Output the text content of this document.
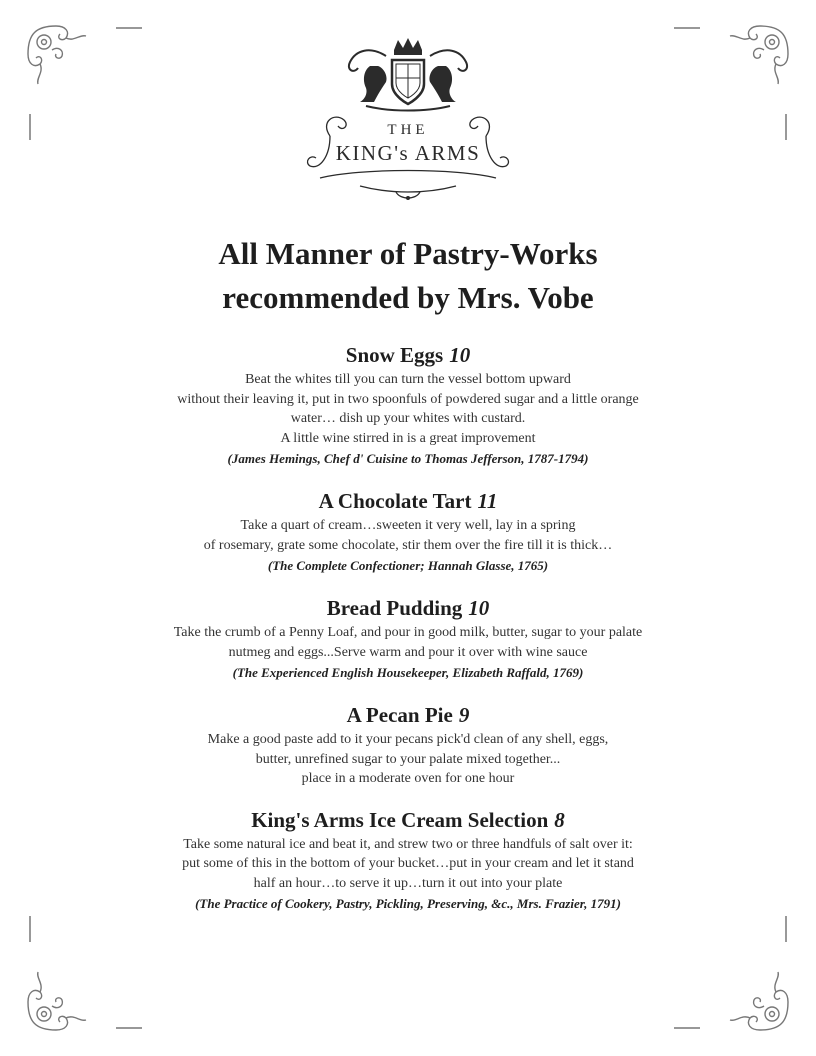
THE
KING's ARMS
All Manner of Pastry-Works
recommended by Mrs. Vobe
Snow Eggs 10
Beat the whites till you can turn the vessel bottom upward
without their leaving it, put in two spoonfuls of powdered sugar and a little orange
water… dish up your whites with custard.
A little wine stirred in is a great improvement
(James Hemings, Chef d' Cuisine to Thomas Jefferson, 1787-1794)
A Chocolate Tart 11
Take a quart of cream…sweeten it very well, lay in a spring
of rosemary, grate some chocolate, stir them over the fire till it is thick…
(The Complete Confectioner; Hannah Glasse, 1765)
Bread Pudding 10
Take the crumb of a Penny Loaf, and pour in good milk, butter, sugar to your palate
nutmeg and eggs...Serve warm and pour it over with wine sauce
(The Experienced English Housekeeper, Elizabeth Raffald, 1769)
A Pecan Pie 9
Make a good paste add to it your pecans pick'd clean of any shell, eggs,
butter, unrefined sugar to your palate mixed together...
place in a moderate oven for one hour
King's Arms Ice Cream Selection 8
Take some natural ice and beat it, and strew two or three handfuls of salt over it:
put some of this in the bottom of your bucket…put in your cream and let it stand
half an hour…to serve it up…turn it out into your plate
(The Practice of Cookery, Pastry, Pickling, Preserving, &c., Mrs. Frazier, 1791)
